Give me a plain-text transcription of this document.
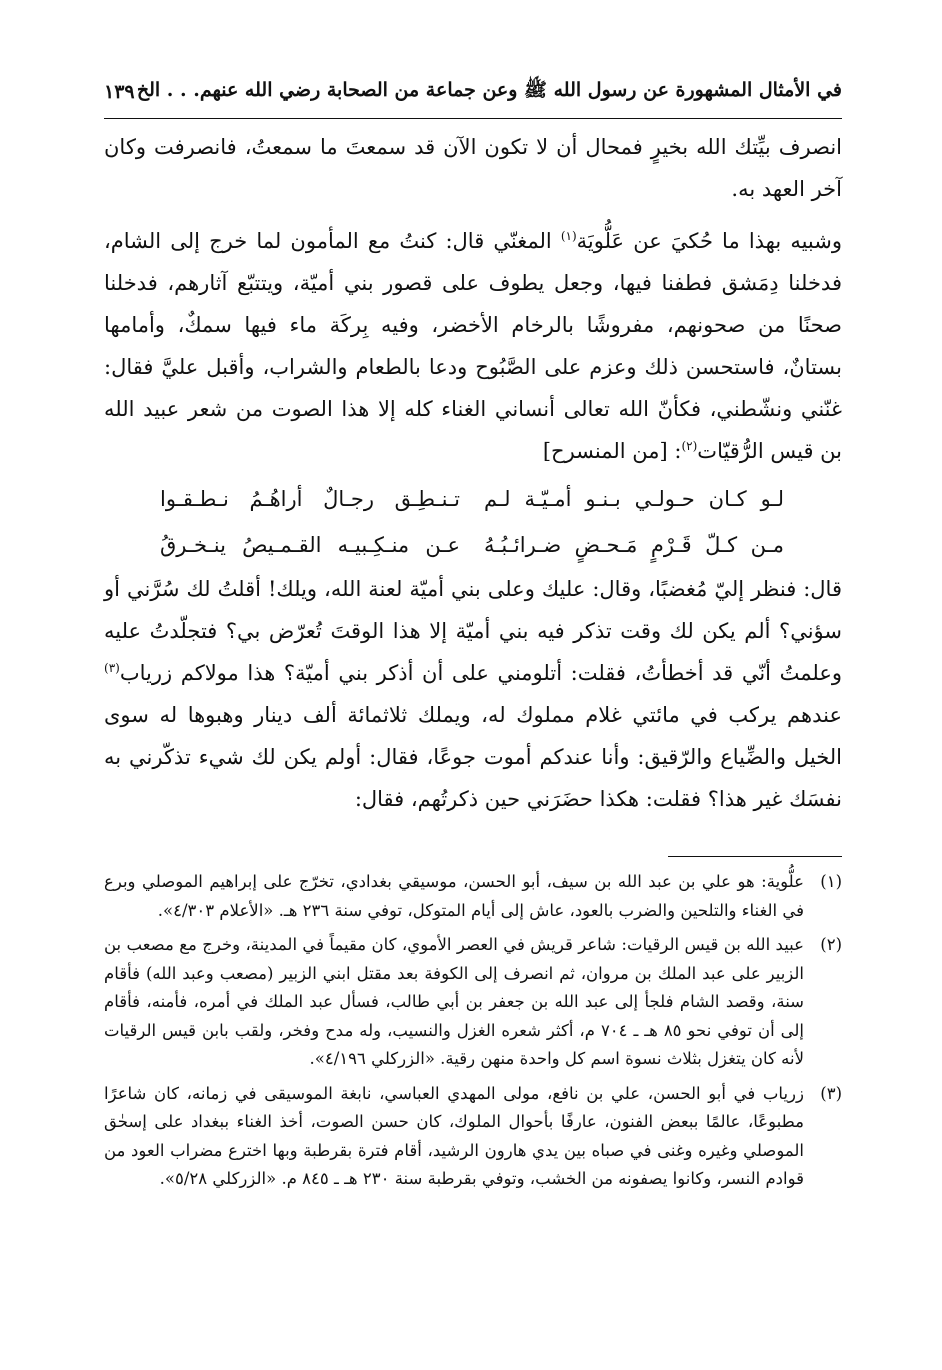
في الأمثال المشهورة عن رسول الله ﷺ وعن جماعة من الصحابة رضي الله عنهم. . . الخ
١٣٩

انصرف بيِّتك الله بخيرٍ فمحال أن لا تكون الآن قد سمعتَ ما سمعتُ، فانصرفت وكان آخر العهد به.

وشبيه بهذا ما حُكيَ عن عَلُّويَة$^{(١)}$ المغنّي قال: كنتُ مع المأمون لما خرج إلى الشام، فدخلنا دِمَشق فطفنا فيها، وجعل يطوف على قصور بني أميّة، ويتتبّع آثارهم، فدخلنا صحنًا من صحونهم، مفروشًا بالرخام الأخضر، وفيه بِركَة ماء فيها سمكٌ، وأمامها بستانٌ، فاستحسن ذلك وعزم على الصَّبُوح ودعا بالطعام والشراب، وأقبل عليَّ فقال: غنّني ونشّطني، فكأنّ الله تعالى أنساني الغناء كله إلا هذا الصوت من شعر عبيد الله بن قيس الرُّقيّات$^{(٢)}$: [من المنسرح]

لـو كـان حـولـي بـنـو أمـيّـة لـم
تـنـطِـق رجـالٌ أراهُـمُ نـطـقـوا
مـن كـلّ قَـرْمٍ مَـحـضٍ ضـرائـبُـهُ
عـن منـكِـبيـه القـمـيصُ ينـخـرقُ

قال: فنظر إليّ مُغضبًا، وقال: عليك وعلى بني أميّة لعنة الله، ويلك! أقلتُ لك سُرَّني أو سؤني؟ ألم يكن لك وقت تذكر فيه بني أميّة إلا هذا الوقتَ تُعرّض بي؟ فتجلّدتُ عليه وعلمتُ أنّي قد أخطأتُ، فقلت: أتلومني على أن أذكر بني أميّة؟ هذا مولاكم زرياب$^{(٣)}$ عندهم يركب في مائتي غلام مملوك له، ويملك ثلاثمائة ألف دينار وهبوها له سوى الخيل والضِّياع والرّقيق: وأنا عندكم أموت جوعًا، فقال: أولم يكن لك شيء تذكّرني به نفسَك غير هذا؟ فقلت: هكذا حضَرَني حين ذكرتُهم، فقال:

(١)
علُّوية: هو علي بن عبد الله بن سيف، أبو الحسن، موسيقي بغدادي، تخرّج على إبراهيم الموصلي وبرع في الغناء والتلحين والضرب بالعود، عاش إلى أيام المتوكل، توفي سنة ٢٣٦ هـ. «الأعلام ٤/٣٠٣».
(٢)
عبيد الله بن قيس الرقيات: شاعر قريش في العصر الأموي، كان مقيماً في المدينة، وخرج مع مصعب بن الزبير على عبد الملك بن مروان، ثم انصرف إلى الكوفة بعد مقتل ابني الزبير (مصعب وعبد الله) فأقام سنة، وقصد الشام فلجأ إلى عبد الله بن جعفر بن أبي طالب، فسأل عبد الملك في أمره، فأمنه، فأقام إلى أن توفي نحو ٨٥ هـ ـ ٧٠٤ م، أكثر شعره الغزل والنسيب، وله مدح وفخر، ولقب بابن قيس الرقيات لأنه كان يتغزل بثلاث نسوة اسم كل واحدة منهن رقية. «الزركلي ٤/١٩٦».
(٣)
زرياب في أبو الحسن، علي بن نافع، مولى المهدي العباسي، نابغة الموسيقى في زمانه، كان شاعرًا مطبوعًا، عالمًا ببعض الفنون، عارفًا بأحوال الملوك، كان حسن الصوت، أخذ الغناء ببغداد على إسحٰق الموصلي وغيره وغنى في صباه بين يدي هارون الرشيد، أقام فترة بقرطبة وبها اخترع مضراب العود من قوادم النسر، وكانوا يصفونه من الخشب، وتوفي بقرطبة سنة ٢٣٠ هـ ـ ٨٤٥ م. «الزركلي ٥/٢٨».
